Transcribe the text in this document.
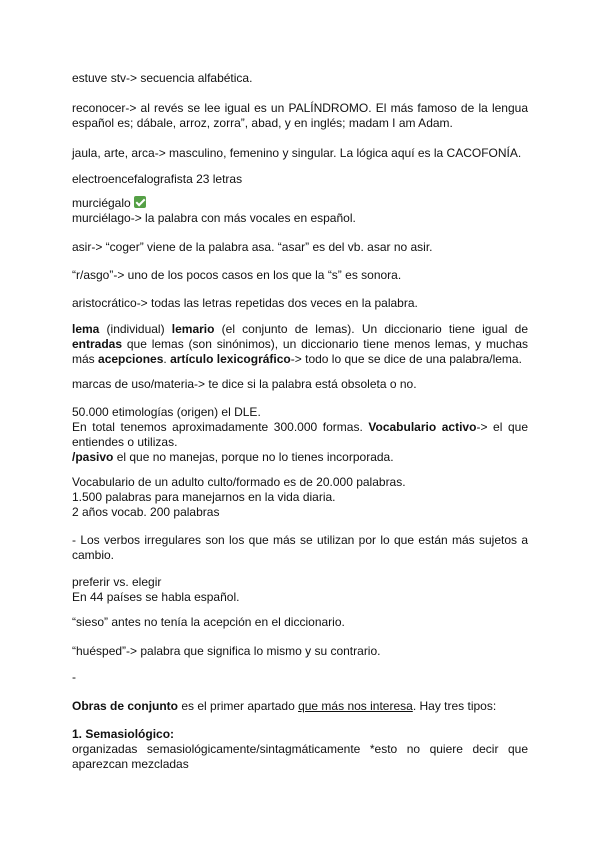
estuve stv-> secuencia alfabética.

reconocer-> al revés se lee igual es un PALÍNDROMO. El más famoso de la lengua español es; dábale, arroz, zorra”, abad, y en inglés; madam I am Adam.

jaula, arte, arca-> masculino, femenino y singular. La lógica aquí es la CACOFONÍA.

electroencefalografista 23 letras

murciégalo

murciélago-> la palabra con más vocales en español.

asir-> “coger” viene de la palabra asa. “asar” es del vb. asar no asir.

“r/asgo”-> uno de los pocos casos en los que la “s” es sonora.

aristocrático-> todas las letras repetidas dos veces en la palabra.

lema (individual) lemario (el conjunto de lemas). Un diccionario tiene igual de entradas que lemas (son sinónimos), un diccionario tiene menos lemas, y muchas más acepciones. artículo lexicográfico-> todo lo que se dice de una palabra/lema.

marcas de uso/materia-> te dice si la palabra está obsoleta o no.

50.000 etimologías (origen) el DLE.
En total tenemos aproximadamente 300.000 formas. Vocabulario activo-> el que entiendes o utilizas.
/pasivo el que no manejas, porque no lo tienes incorporada.
Vocabulario de un adulto culto/formado es de 20.000 palabras.
1.500 palabras para manejarnos en la vida diaria.
2 años vocab. 200 palabras

- Los verbos irregulares son los que más se utilizan por lo que están más sujetos a cambio.

preferir vs. elegir
En 44 países se habla español.

“sieso” antes no tenía la acepción en el diccionario.

“huésped”-> palabra que significa lo mismo y su contrario.

-

Obras de conjunto es el primer apartado que más nos interesa. Hay tres tipos:

1. Semasiológico:
organizadas semasiológicamente/sintagmáticamente *esto no quiere decir que aparezcan mezcladas
